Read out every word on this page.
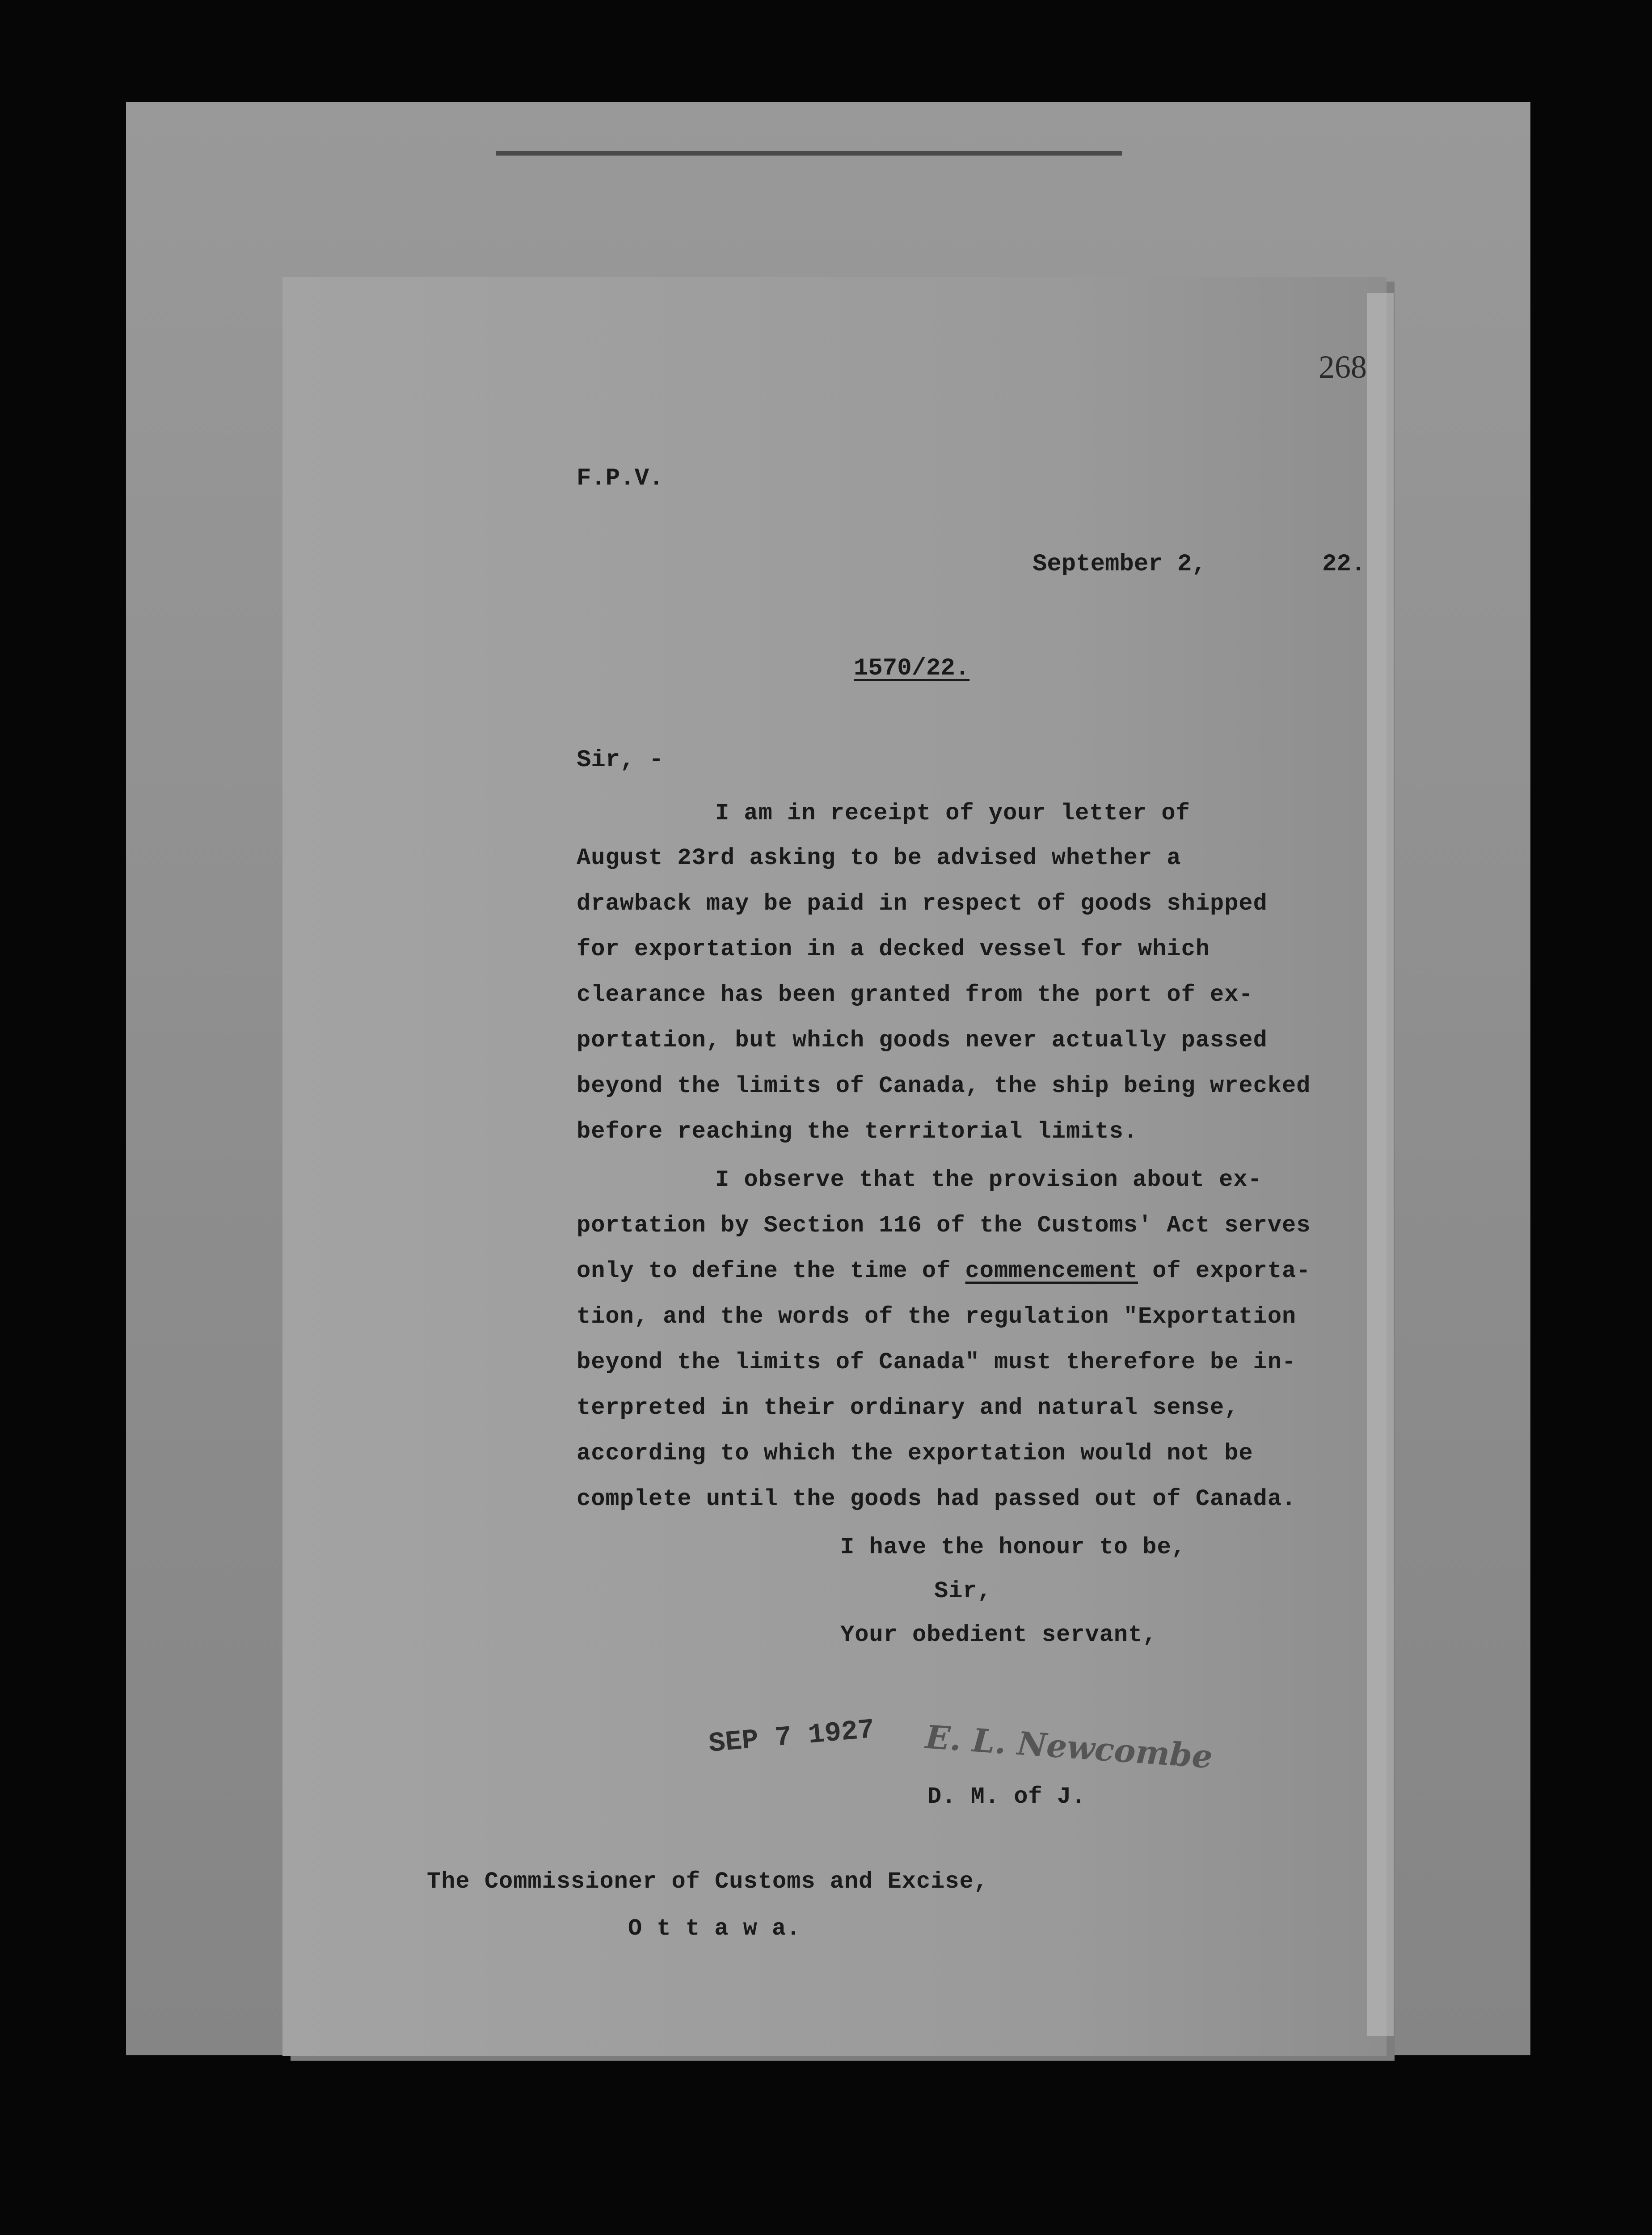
268
F.P.V.
September 2,        22.
1570/22.
Sir, -
I am in receipt of your letter of
August 23rd asking to be advised whether a
drawback may be paid in respect of goods shipped
for exportation in a decked vessel for which
clearance has been granted from the port of ex-
portation, but which goods never actually passed
beyond the limits of Canada, the ship being wrecked
before reaching the territorial limits.
I observe that the provision about ex-
portation by Section 116 of the Customs' Act serves
only to define the time of commencement of exporta-
tion, and the words of the regulation "Exportation
beyond the limits of Canada" must therefore be in-
terpreted in their ordinary and natural sense,
according to which the exportation would not be
complete until the goods had passed out of Canada.
I have the honour to be,
Sir,
Your obedient servant,
SEP 7 1927 E. L. Newcombe
D. M. of J.
The Commissioner of Customs and Excise,
O t t a w a.
